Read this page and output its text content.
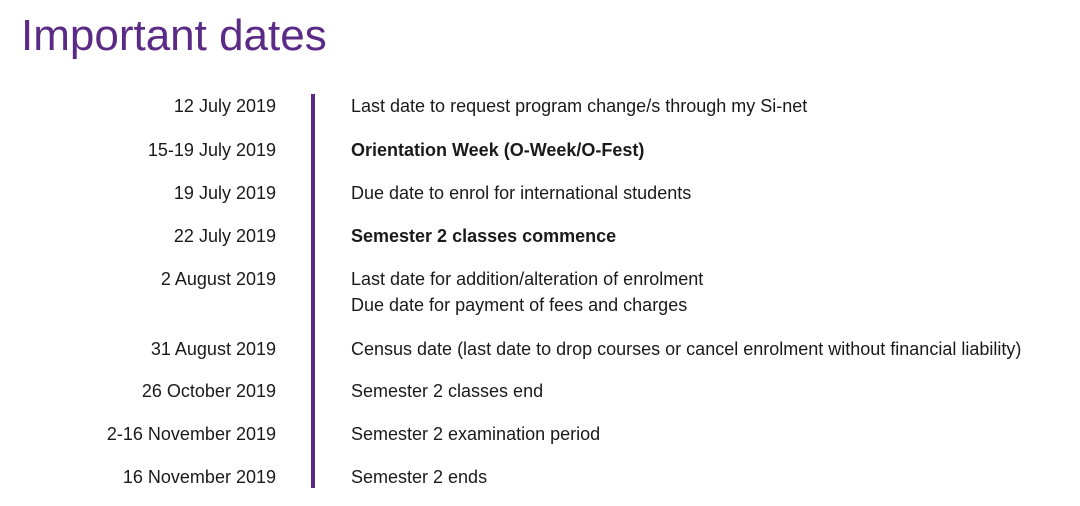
Important dates
12 July 2019	Last date to request program change/s through my Si-net
15-19 July 2019	Orientation Week (O-Week/O-Fest)
19 July 2019	Due date to enrol for international students
22 July 2019	Semester 2 classes commence
2 August 2019	Last date for addition/alteration of enrolment
Due date for payment of fees and charges
31 August 2019	Census date (last date to drop courses or cancel enrolment without financial liability)
26 October 2019	Semester 2 classes end
2-16 November 2019	Semester 2 examination period
16 November 2019	Semester 2 ends
